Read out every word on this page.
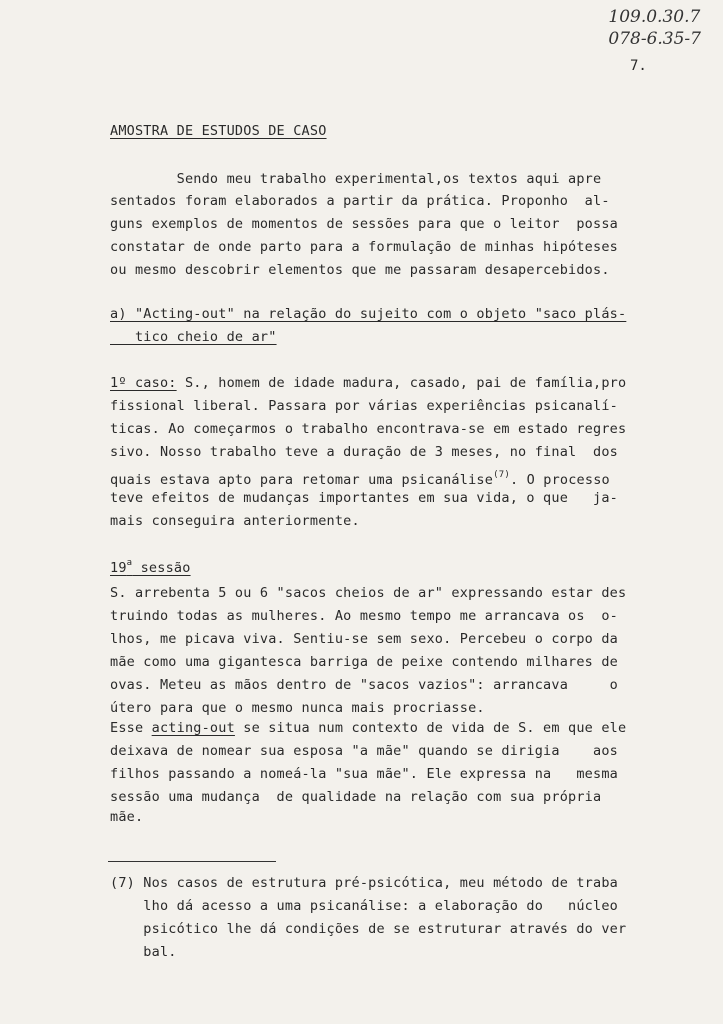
109.0.30.7
078-6.35-7
7.
AMOSTRA DE ESTUDOS DE CASO
Sendo meu trabalho experimental,os textos aqui apre
sentados foram elaborados a partir da prática. Proponho  al-
guns exemplos de momentos de sessões para que o leitor  possa
constatar de onde parto para a formulação de minhas hipóteses
ou mesmo descobrir elementos que me passaram desapercebidos.
a) "Acting-out" na relação do sujeito com o objeto "saco plás-
tico cheio de ar"
1º caso: S., homem de idade madura, casado, pai de família,pro
fissional liberal. Passara por várias experiências psicanalí-
ticas. Ao começarmos o trabalho encontrava-se em estado regres
sivo. Nosso trabalho teve a duração de 3 meses, no final  dos
quais estava apto para retomar uma psicanálise$^{(7)}$. O processo
teve efeitos de mudanças importantes em sua vida, o que   ja-
mais conseguira anteriormente.
19$^a$ sessão
S. arrebenta 5 ou 6 "sacos cheios de ar" expressando estar des
truindo todas as mulheres. Ao mesmo tempo me arrancava os  o-
lhos, me picava viva. Sentiu-se sem sexo. Percebeu o corpo da
mãe como uma gigantesca barriga de peixe contendo milhares de
ovas. Meteu as mãos dentro de "sacos vazios": arrancava     o
útero para que o mesmo nunca mais procriasse.
Esse acting-out se situa num contexto de vida de S. em que ele
deixava de nomear sua esposa "a mãe" quando se dirigia    aos
filhos passando a nomeá-la "sua mãe". Ele expressa na   mesma
sessão uma mudança  de qualidade na relação com sua própria
mãe.
(7) Nos casos de estrutura pré-psicótica, meu método de traba
lho dá acesso a uma psicanálise: a elaboração do   núcleo
psicótico lhe dá condições de se estruturar através do ver
bal.
